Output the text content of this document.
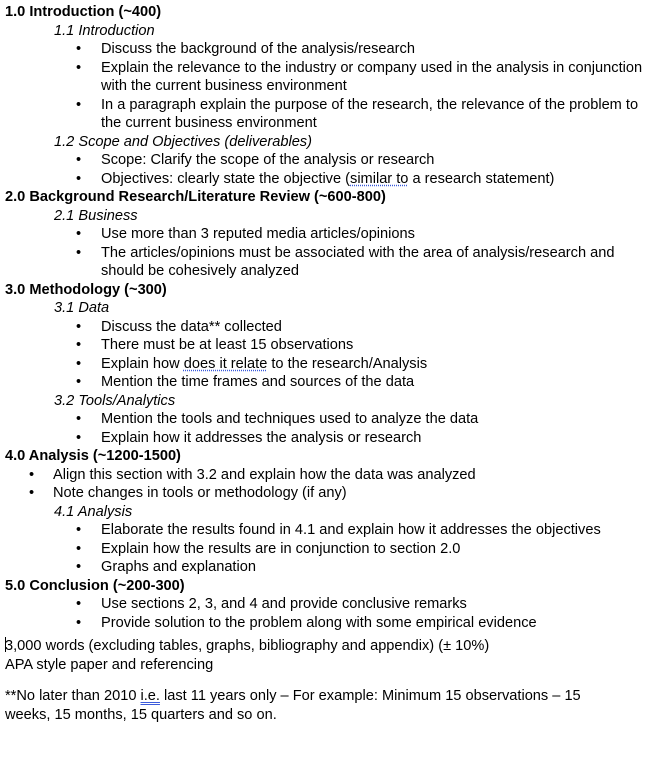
1.0 Introduction (~400)
1.1 Introduction
• Discuss the background of the analysis/research
• Explain the relevance to the industry or company used in the analysis in conjunction with the current business environment
• In a paragraph explain the purpose of the research, the relevance of the problem to the current business environment
1.2 Scope and Objectives (deliverables)
• Scope: Clarify the scope of the analysis or research
• Objectives: clearly state the objective (similar to a research statement)
2.0 Background Research/Literature Review (~600-800)
2.1 Business
• Use more than 3 reputed media articles/opinions
• The articles/opinions must be associated with the area of analysis/research and should be cohesively analyzed
3.0 Methodology (~300)
3.1 Data
• Discuss the data** collected
• There must be at least 15 observations
• Explain how does it relate to the research/Analysis
• Mention the time frames and sources of the data
3.2 Tools/Analytics
• Mention the tools and techniques used to analyze the data
• Explain how it addresses the analysis or research
4.0 Analysis (~1200-1500)
• Align this section with 3.2 and explain how the data was analyzed
• Note changes in tools or methodology (if any)
4.1 Analysis
• Elaborate the results found in 4.1 and explain how it addresses the objectives
• Explain how the results are in conjunction to section 2.0
• Graphs and explanation
5.0 Conclusion (~200-300)
• Use sections 2, 3, and 4 and provide conclusive remarks
• Provide solution to the problem along with some empirical evidence
3,000 words (excluding tables, graphs, bibliography and appendix) (± 10%)
APA style paper and referencing
**No later than 2010 i.e. last 11 years only – For example: Minimum 15 observations – 15 weeks, 15 months, 15 quarters and so on.
